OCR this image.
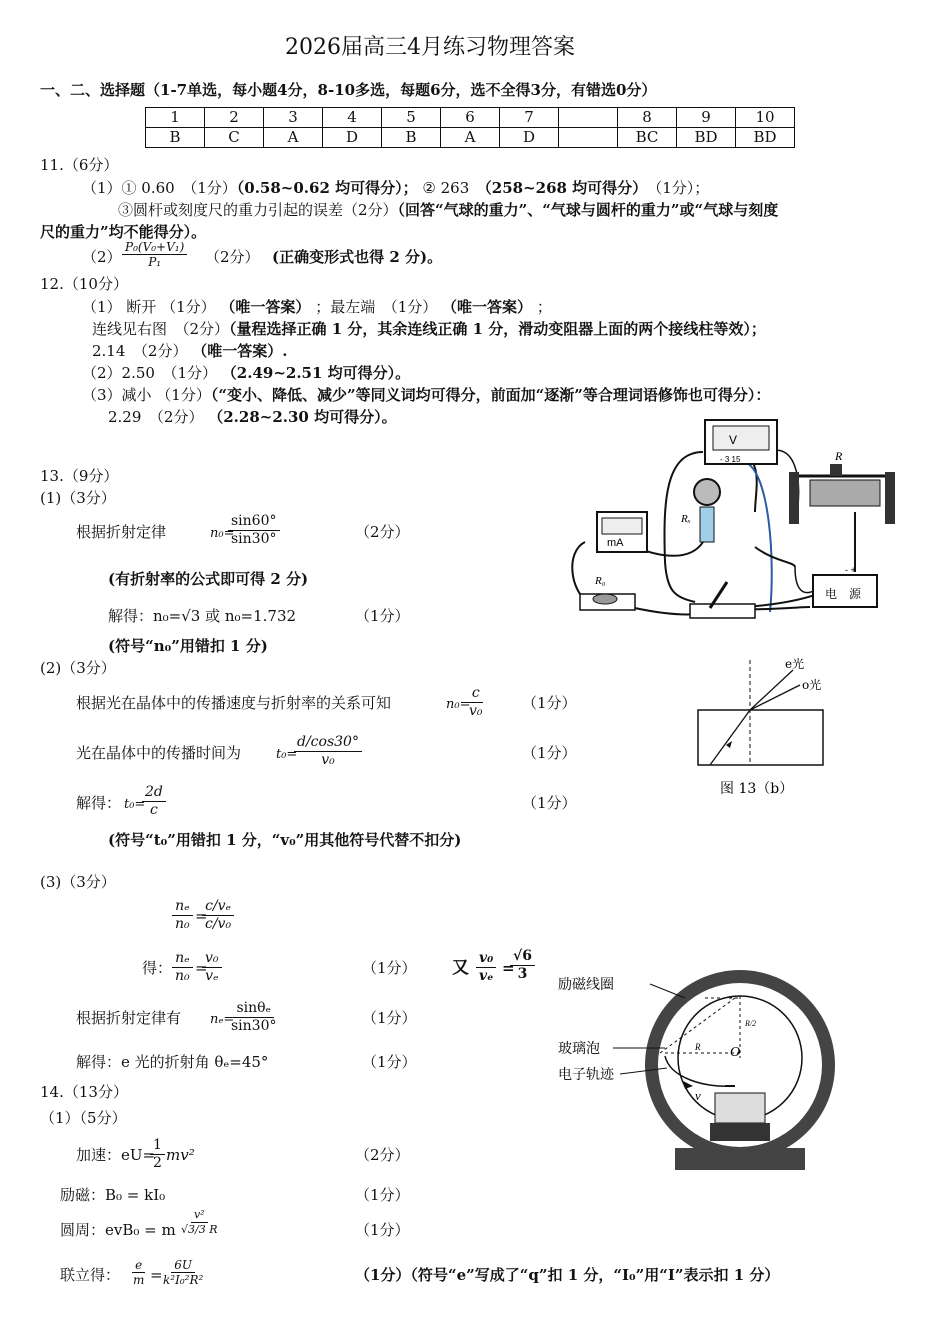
2026届高三4月练习物理答案
一、二、选择题（1-7单选，每小题4分，8-10多选，每题6分，选不全得3分，有错选0分）
1	2	3	4	5	6	7		8	9	10
B	C	A	D	B	A	D		BC	BD	BD
11.（6分）
（1）① 0.60　（1分）（0.58~0.62 均可得分）； ② 263　（258~268 均可得分）　（1分）；
③圆杆或刻度尺的重力引起的误差（2分）（回答“气球的重力”、“气球与圆杆的重力”或“气球与刻度
尺的重力”均不能得分）。
$(2) \frac{\text{P₀(V₀+V₁)}}{\text{P₁}} (2$分） (正确变形式也得 2 分)。
12.（10分）
（1） 断开 （1分） （唯一答案） ；最左端　（1分） （唯一答案） ；
连线见右图　（2分）（量程选择正确 1 分，其余连线正确 1 分，滑动变阻器上面的两个接线柱等效）；
2.14　（2分） （唯一答案）.
（2）2.50　（1分） （2.49~2.51 均可得分）。
（3）减小 （1分）（“变小、降低、减少”等同义词均可得分，前面加“逐渐”等合理词语修饰也可得分）：
2.29　（2分） （2.28~2.30 均可得分）。
V
- 3 15
Rₓ
mA
R₀
R
电　源
- +
13.（9分）
(1)（3分）
根据折射定律	n₀=
$\frac{\sin 60^\circ}{\sin 30^\circ}$	（2分）
(有折射率的公式即可得 2 分)
解得：n₀=√3 或 n₀=1.732	（1分）
(符号“n₀”用错扣 1 分)
(2)（3分）
根据光在晶体中的传播速度与折射率的关系可知	n₀=
$\frac{c}{\text{v₀}} (1$分）
光在晶体中的传播时间为	t₀=
$\frac{d/\cos 30^\circ}{\text{v₀}}$	（1分）
解得： t₀=
$\frac{2d}{c}$	（1分）
(符号“t₀”用错扣 1 分，“v₀”用其他符号代替不扣分)
e光
o光
图 13（b）
(3)（3分）
$\frac{\text{nₑ}}{\text{n₀}}$ =
$\frac{\text{c/vₑ}}{\text{c/v₀}}$
得： $\frac{\text{nₑ}}{\text{n₀}}$ =
$\frac{\text{v₀}}{\text{vₑ}}$	（1分） 又 $\frac{\text{v₀}}{\text{vₑ}}$ =
$\frac{√6}{3}$
根据折射定律有 nₑ=
$\frac{\text{sinθₑ}}{\sin 30^\circ}$	（1分）
解得：e 光的折射角 θₑ=45°	（1分）
14.（13分）
（1）（5分）
加速：eU=
$\frac{1}{2} mv^2$	（2分）
励磁：B₀ = kI₀	（1分）
圆周：evB₀ = m $\frac{\text{v²}}{√3/3 R}$	（1分）
联立得： $\frac{e}{m}$ =
$\frac{6U}{\text{k²I₀²R²}}$	（1分）（符号“e”写成了“q”扣 1 分，“I₀”用“I”表示扣 1 分）
O
R
R/2
v
励磁线圈
玻璃泡
电子轨迹
